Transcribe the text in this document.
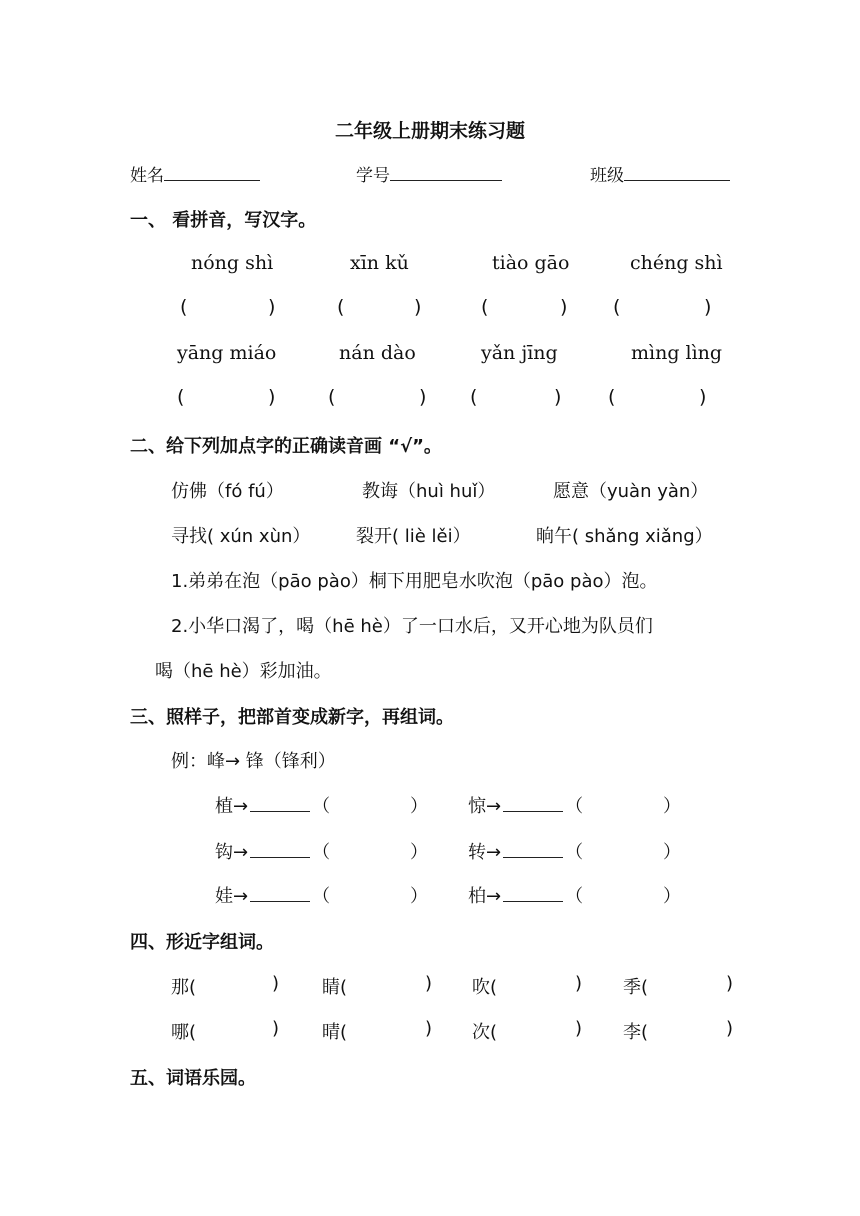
二年级上册期末练习题
姓名	学号	班级
一、 看拼音，写汉字。
nóng shì	xīn kǔ	tiào gāo	chéng shì
(	)	(	)	(	) (	)
yāng miáo	nán dào	yǎn jīng	mìng lìng
(	)	(	) (	) (	)
二、给下列加点字的正确读音画 “√”。
仿佛（fó fú）	教诲（huì huǐ）	愿意（yuàn yàn）
寻找( xún xùn）	裂开( liè lěi）	晌午( shǎng xiǎng）
1.弟弟在泡（pāo pào）桐下用肥皂水吹泡（pāo pào）泡。
2.小华口渴了，喝（hē hè）了一口水后，又开心地为队员们
喝（hē hè）彩加油。
三、照样子，把部首变成新字，再组词。
例：峰→ 锋（锋利）
植→	（	） 惊→	（	）
钩→	（	） 转→	（	）
娃→	（	） 柏→	（	）
四、形近字组词。
那(	) 睛(	) 吹(	) 季(	)
哪(	) 晴(	) 次(	) 李(	)
五、词语乐园。
